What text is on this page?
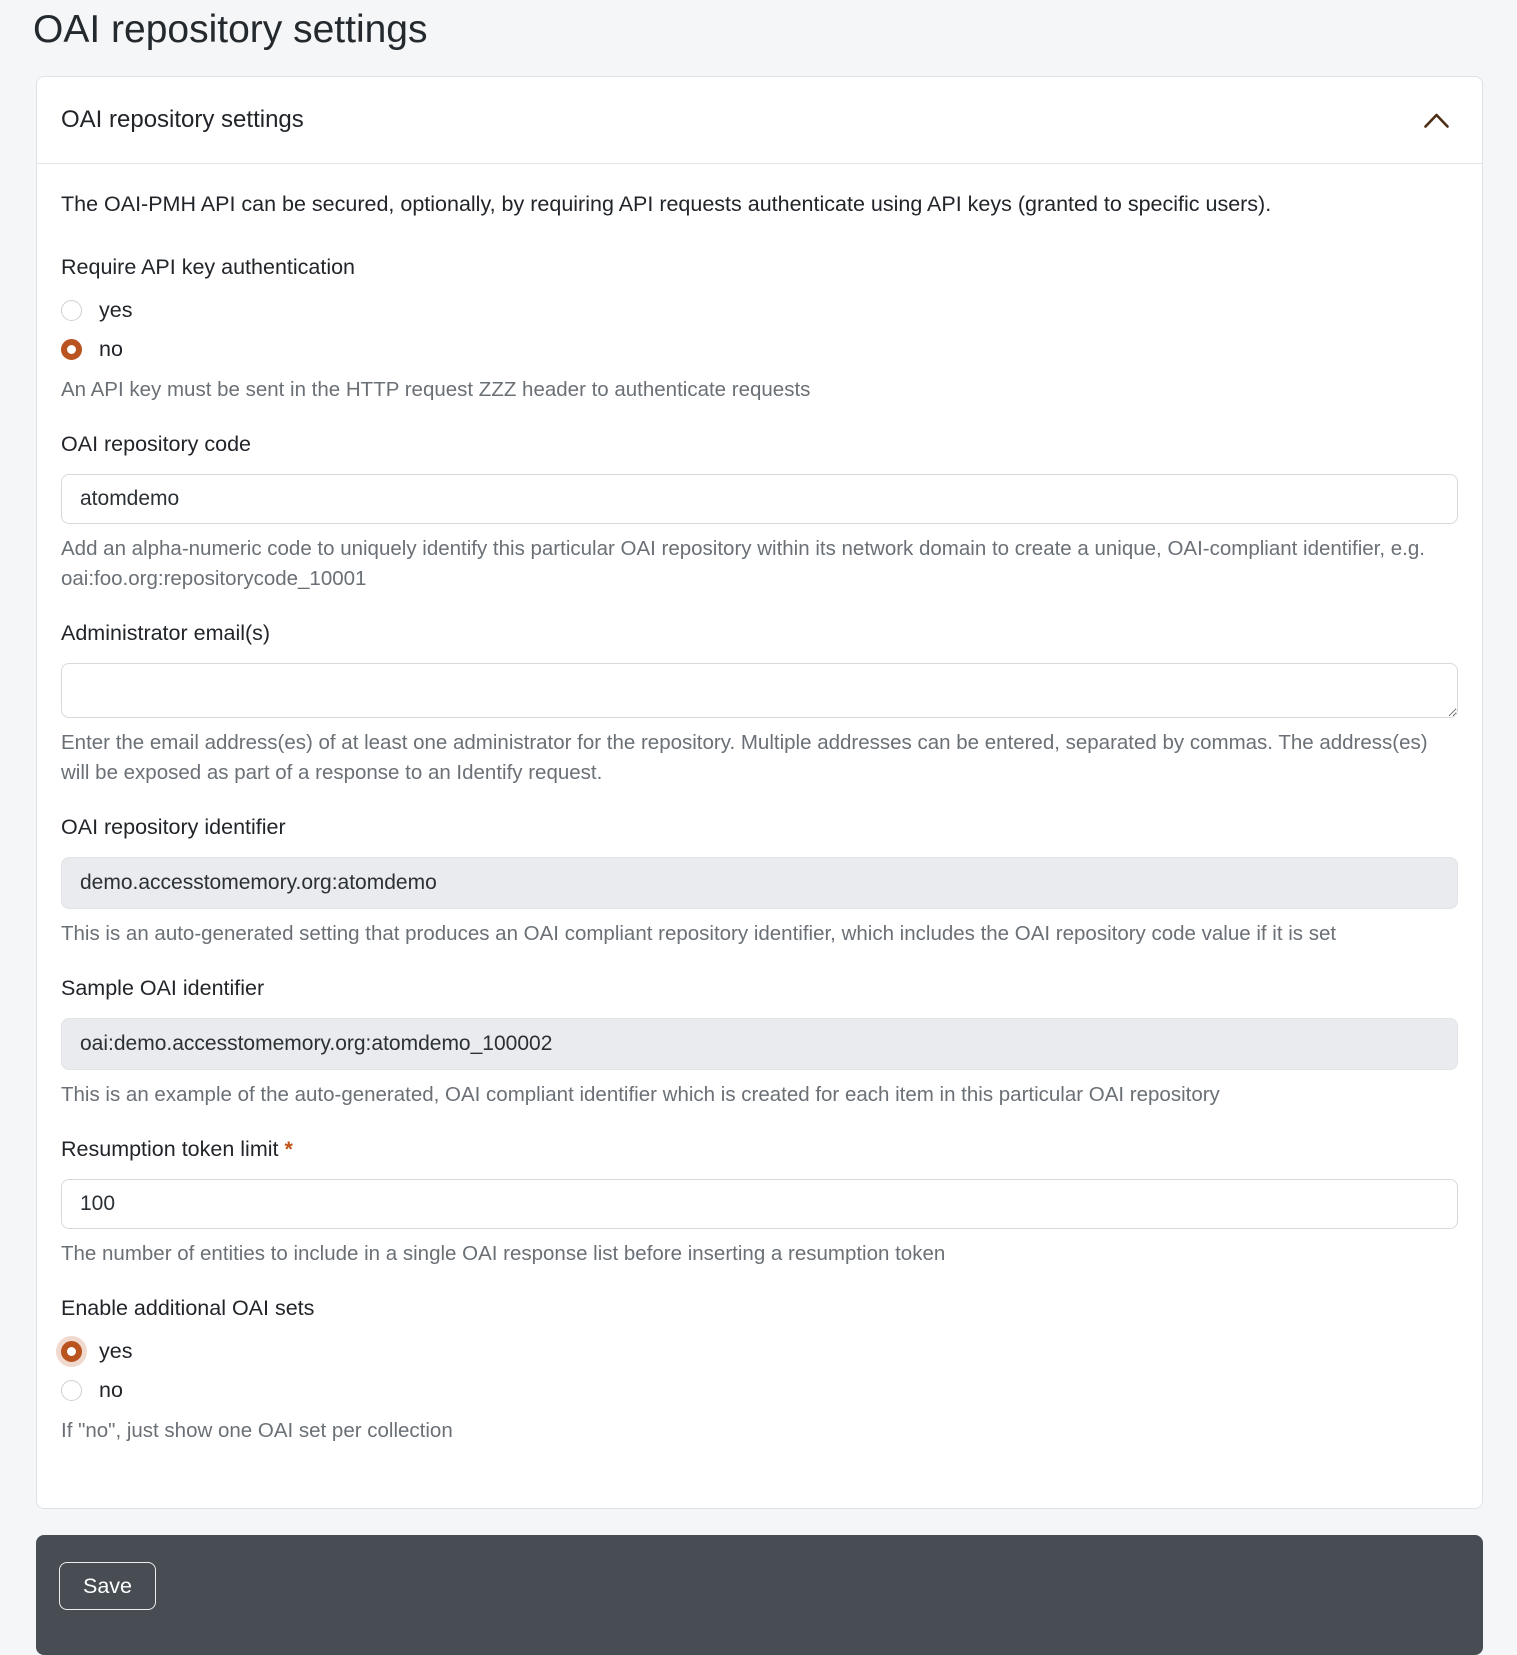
OAI repository settings
OAI repository settings

The OAI-PMH API can be secured, optionally, by requiring API requests authenticate using API keys (granted to specific users).

Require API key authentication
yes
no
An API key must be sent in the HTTP request ZZZ header to authenticate requests
OAI repository code
atomdemo
Add an alpha-numeric code to uniquely identify this particular OAI repository within its network domain to create a unique, OAI-compliant identifier, e.g. oai:foo.org:repositorycode_10001
Administrator email(s)
Enter the email address(es) of at least one administrator for the repository. Multiple addresses can be entered, separated by commas. The address(es) will be exposed as part of a response to an Identify request.
OAI repository identifier
demo.accesstomemory.org:atomdemo
This is an auto-generated setting that produces an OAI compliant repository identifier, which includes the OAI repository code value if it is set
Sample OAI identifier
oai:demo.accesstomemory.org:atomdemo_100002
This is an example of the auto-generated, OAI compliant identifier which is created for each item in this particular OAI repository
Resumption token limit *
100
The number of entities to include in a single OAI response list before inserting a resumption token
Enable additional OAI sets
yes
no
If "no", just show one OAI set per collection
Save
